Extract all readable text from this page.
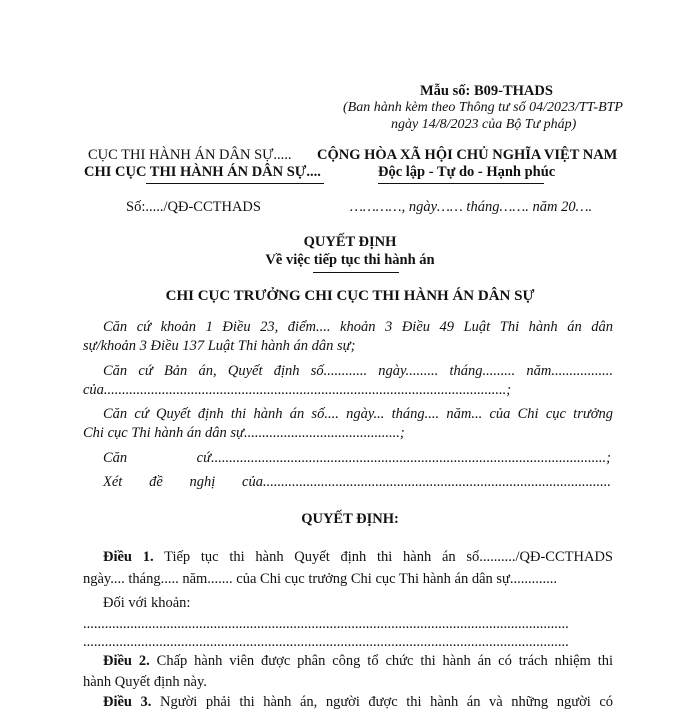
Mẫu số: B09-THADS
(Ban hành kèm theo Thông tư số 04/2023/TT-BTP
ngày 14/8/2023 của Bộ Tư pháp)
CỤC THI HÀNH ÁN DÂN SỰ.....
CHI CỤC THI HÀNH ÁN DÂN SỰ....
CỘNG HÒA XÃ HỘI CHỦ NGHĨA VIỆT NAM
Độc lập - Tự do - Hạnh phúc
Số:...../QĐ-CCTHADS	…………, ngày…… tháng……. năm 20….
QUYẾT ĐỊNH
Về việc tiếp tục thi hành án
CHI CỤC TRƯỞNG CHI CỤC THI HÀNH ÁN DÂN SỰ
Căn cứ khoản 1 Điều 23, điểm.... khoản 3 Điều 49 Luật Thi hành án dân
sự/khoản 3 Điều 137 Luật Thi hành án dân sự;
Căn cứ Bản án, Quyết định số............ ngày......... tháng......... năm.................
của...............................................................................................................;
Căn cứ Quyết định thi hành án số.... ngày... tháng.... năm... của Chi cục trưởng
Chi cục Thi hành án dân sự...........................................;
Căn cứ.............................................................................................................;
Xét đề nghị của................................................................................................
QUYẾT ĐỊNH:
Điều 1. Tiếp tục thi hành Quyết định thi hành án số........../QĐ-CCTHADS
ngày.... tháng..... năm....... của Chi cục trưởng Chi cục Thi hành án dân sự.............
Đối với khoản:
......................................................................................................................................
......................................................................................................................................
Điều 2. Chấp hành viên được phân công tổ chức thi hành án có trách nhiệm thi
hành Quyết định này.
Điều 3. Người phải thi hành án, người được thi hành án và những người có
